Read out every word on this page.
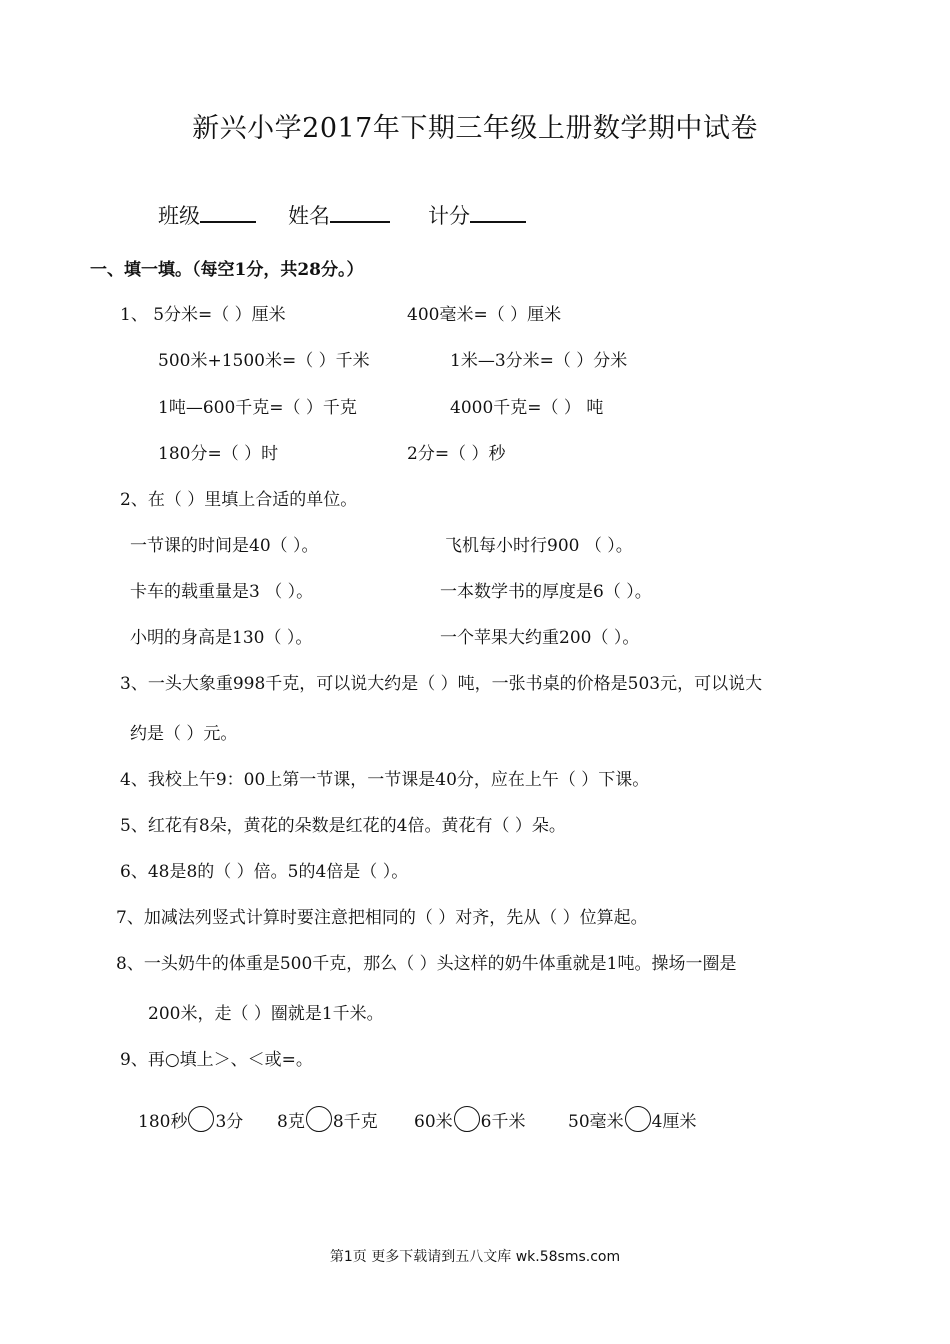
新兴小学2017年下期三年级上册数学期中试卷
班级	姓名	计分
一、填一填。（每空1分，共28分。）
1、 5分米=（ ）厘米	400毫米=（ ）厘米
500米+1500米=（ ）千米	1米—3分米=（ ）分米
1吨—600千克=（ ）千克	4000千克=（ ） 吨
180分=（ ）时	2分=（ ）秒
2、在（ ）里填上合适的单位。
一节课的时间是40（ ）。	飞机每小时行900 （ ）。
卡车的载重量是3 （ ）。	一本数学书的厚度是6（ ）。
小明的身高是130（ ）。	一个苹果大约重200（ ）。
3、一头大象重998千克，可以说大约是（ ）吨，一张书桌的价格是503元，可以说大
约是（ ）元。
4、我校上午9：00上第一节课，一节课是40分，应在上午（ ）下课。
5、红花有8朵，黄花的朵数是红花的4倍。黄花有（ ）朵。
6、48是8的（ ）倍。5的4倍是（ ）。
7、加减法列竖式计算时要注意把相同的（ ）对齐，先从（ ）位算起。
8、一头奶牛的体重是500千克，那么（ ）头这样的奶牛体重就是1吨。操场一圈是
200米，走（ ）圈就是1千米。
9、再○填上＞、＜或=。
180秒 3分 8克 8千克 60米 6千米	50毫米 4厘米
第1页 更多下载请到五八文库 wk.58sms.com
